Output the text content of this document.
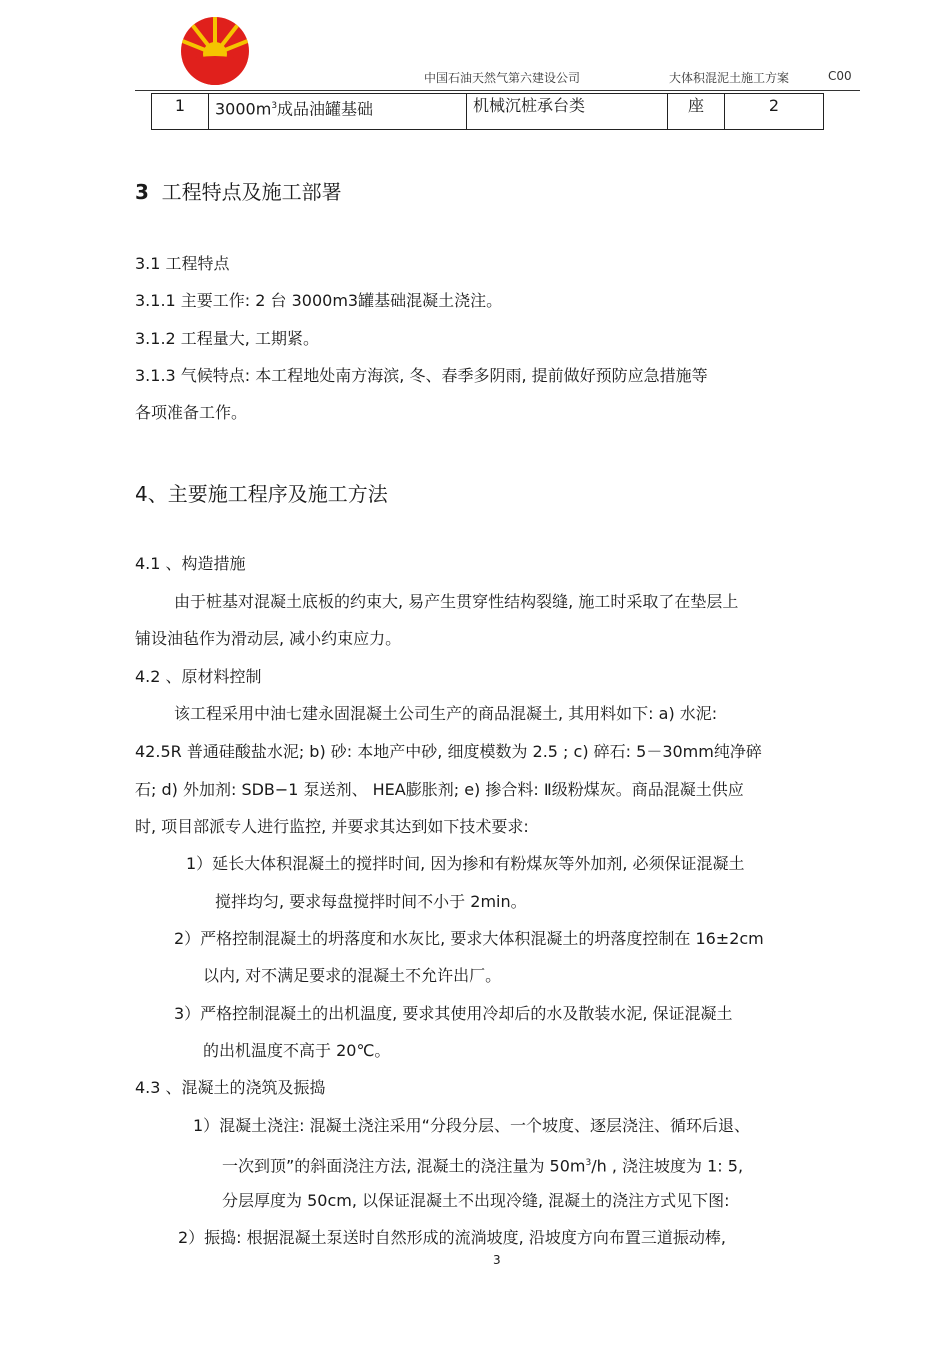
中国石油天然气第六建设公司	大体积混泥土施工方案	C00
1	$3000m^3$成品油罐基础	机械沉桩承台类	座	2
3 工程特点及施工部署
3.1 工程特点
3.1.1 主要工作: 2 台 3000m3罐基础混凝土浇注。
3.1.2 工程量大, 工期紧。
3.1.3 气候特点: 本工程地处南方海滨, 冬、春季多阴雨, 提前做好预防应急措施等
各项准备工作。
4、主要施工程序及施工方法
4.1 、构造措施
由于桩基对混凝土底板的约束大, 易产生贯穿性结构裂缝, 施工时采取了在垫层上
铺设油毡作为滑动层, 减小约束应力。
4.2 、原材料控制
该工程采用中油七建永固混凝土公司生产的商品混凝土, 其用料如下: a) 水泥:
42.5R 普通硅酸盐水泥; b) 砂: 本地产中砂, 细度模数为 2.5 ; c) 碎石: 5－30mm纯净碎
石; d) 外加剂: SDB−1 泵送剂、 HEA膨胀剂; e) 掺合料: Ⅱ级粉煤灰。商品混凝土供应
时, 项目部派专人进行监控, 并要求其达到如下技术要求:
1）延长大体积混凝土的搅拌时间, 因为掺和有粉煤灰等外加剂, 必须保证混凝土
搅拌均匀, 要求每盘搅拌时间不小于 2min。
2）严格控制混凝土的坍落度和水灰比, 要求大体积混凝土的坍落度控制在 16±2cm
以内, 对不满足要求的混凝土不允许出厂。
3）严格控制混凝土的出机温度, 要求其使用冷却后的水及散装水泥, 保证混凝土
的出机温度不高于 20℃。
4.3 、混凝土的浇筑及振捣
1）混凝土浇注: 混凝土浇注采用“分段分层、一个坡度、逐层浇注、循环后退、
一次到顶”的斜面浇注方法, 混凝土的浇注量为 $50m^3/h$ , 浇注坡度为 1: 5,
分层厚度为 50cm, 以保证混凝土不出现冷缝, 混凝土的浇注方式见下图:
2）振捣: 根据混凝土泵送时自然形成的流淌坡度, 沿坡度方向布置三道振动棒,
3
